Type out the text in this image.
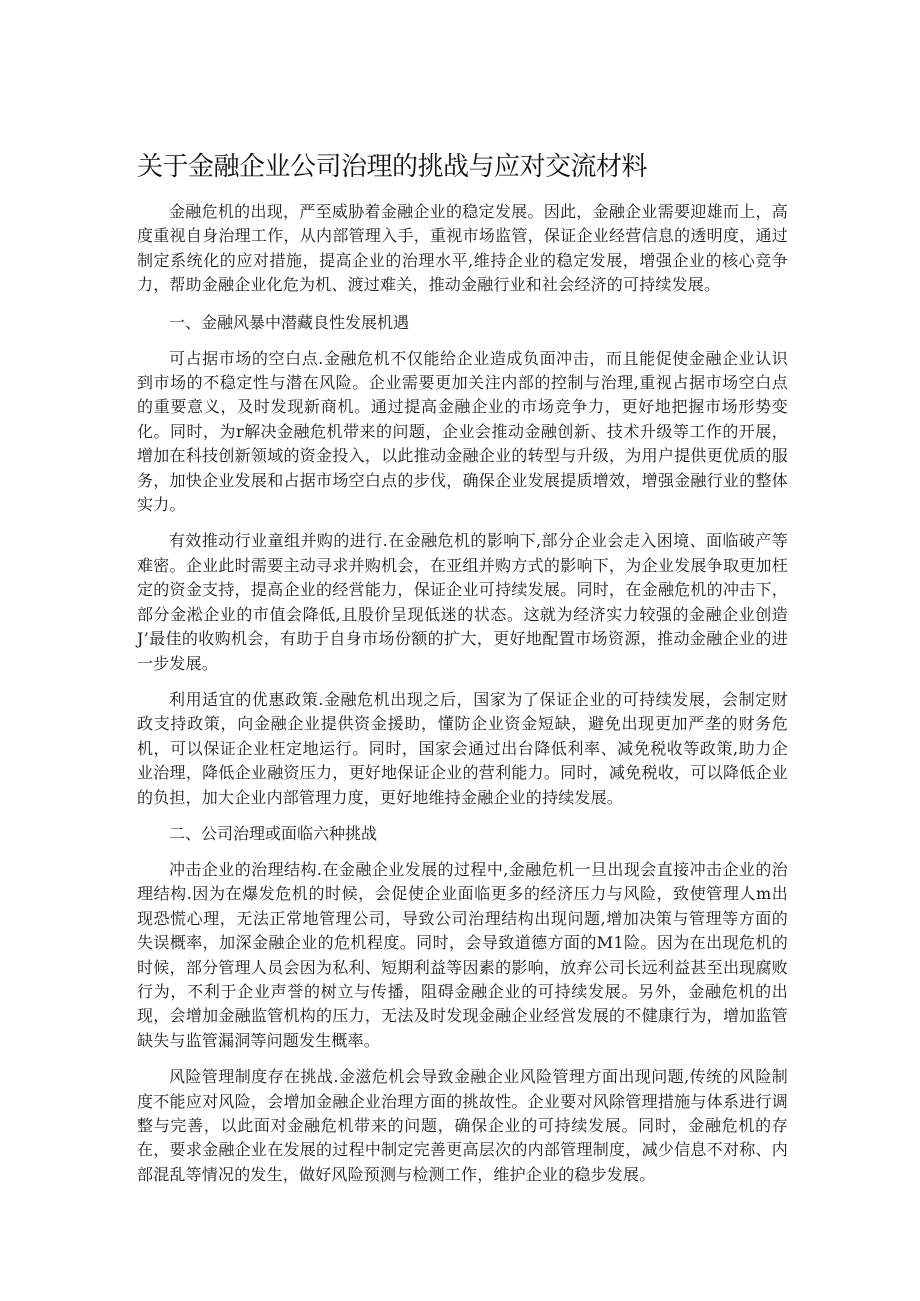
关于金融企业公司治理的挑战与应对交流材料

金融危机的出现，严至威胁着金融企业的稳定发展。因此，金融企业需要迎雄而上，高度重视自身治理工作，从内部管理入手，重视市场监管，保证企业经营信息的透明度，通过制定系统化的应对措施，提高企业的治理水平,维持企业的稳定发展，增强企业的核心竞争力，帮助金融企业化危为机、渡过难关，推动金融行业和社会经济的可持续发展。

一、金融风暴中潜藏良性发展机遇

可占据市场的空白点.金融危机不仅能给企业造成负面冲击，而且能促使金融企业认识到市场的不稳定性与潜在风险。企业需要更加关注内部的控制与治理,重视占据市场空白点的重要意义，及时发现新商机。通过提高金融企业的市场竞争力，更好地把握市场形势变化。同时，为r解决金融危机带来的问题，企业会推动金融创新、技术升级等工作的开展，增加在科技创新领域的资金投入，以此推动金融企业的转型与升级，为用户提供更优质的服务，加快企业发展和占据市场空白点的步伐，确保企业发展提质增效，增强金融行业的整体实力。

有效推动行业童组并购的进行.在金融危机的影响下,部分企业会走入困境、面临破产等难密。企业此时需要主动寻求并购机会，在亚组并购方式的影响下，为企业发展争取更加枉定的资金支持，提高企业的经営能力，保证企业可持续发展。同时，在金融危机的冲击下，部分金淞企业的市值会降低,且股价呈现低迷的状态。这就为经济实力较强的金融企业创造J’最佳的收购机会，有助于自身市场份额的扩大，更好地配置市场资源，推动金融企业的进一步发展。

利用适宜的优惠政策.金融危机出现之后，国家为了保证企业的可持续发展，会制定财政支持政策，向金融企业提供资金援助，懂防企业资金短缺，避免出现更加严垄的财务危机，可以保证企业枉定地运行。同时，国家会通过出台降低利率、减免税收等政策,助力企业治理，降低企业融资压力，更好地保证企业的营利能力。同时，减免税收，可以降低企业的负担，加大企业内部管理力度，更好地维持金融企业的持续发展。

二、公司治理或面临六种挑战

冲击企业的治理结构.在金融企业发展的过程中,金融危机一旦出现会直接冲击企业的治理结构.因为在爆发危机的时候，会促使企业面临更多的经济压力与风险，致使管理人m出现恐慌心理，无法正常地管理公司，导致公司治理结构出现问题,增加决策与管理等方面的失误概率，加深金融企业的危机程度。同时，会导致道德方面的M1险。因为在出现危机的时候，部分管理人员会因为私利、短期利益等因素的影响，放弃公司长远利益甚至出现腐败行为，不利于企业声誉的树立与传播，阻碍金融企业的可持续发展。另外，金融危机的出现，会增加金融监管机构的压力，无法及时发现金融企业经営发展的不健康行为，增加监管缺失与监管漏洞等问题发生概率。

风险管理制度存在挑战.金滋危机会导致金融企业风险管理方面出现问题,传统的风险制度不能应对风险，会增加金融企业治理方面的挑故性。企业要对风除管理措施与体系进行调整与完善，以此面对金融危机带来的问题，确保企业的可持续发展。同时，金融危机的存在，要求金融企业在发展的过程中制定完善更高层次的内部管理制度，减少信息不对称、内部混乱等情况的发生，做好风险预测与检测工作，维护企业的稳步发展。
